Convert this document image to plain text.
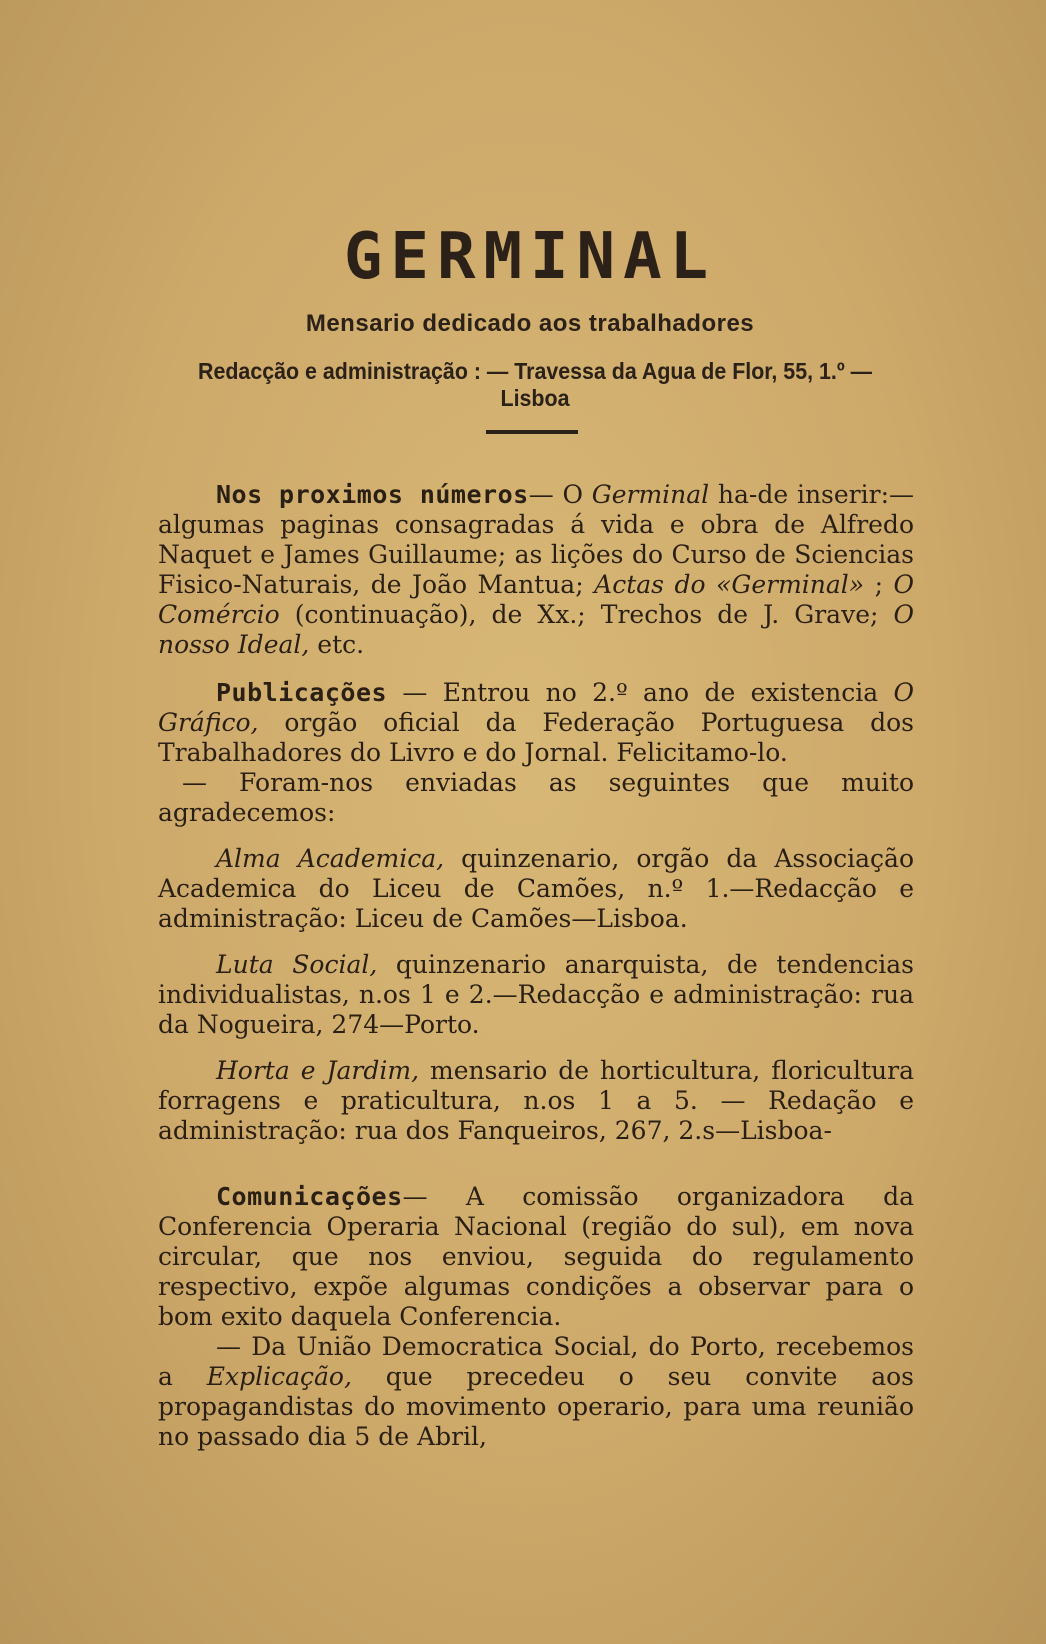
GERMINAL
Mensario dedicado aos trabalhadores
Redacção e administração : — Travessa da Agua de Flor, 55, 1.º — Lisboa

Nos proximos números— O Germinal ha-de inserir:—algumas paginas consagradas á vida e obra de Alfredo Naquet e James Guillaume; as lições do Curso de Sciencias Fisico-Naturais, de João Mantua; Actas do «Germinal» ; O Comércio (continuação), de Xx.; Trechos de J. Grave; O nosso Ideal, etc.

Publicações — Entrou no 2.º ano de existencia O Gráfico, orgão oficial da Federação Portuguesa dos Trabalhadores do Livro e do Jornal. Felicitamo-lo.

— Foram-nos enviadas as seguintes que muito agradecemos:

Alma Academica, quinzenario, orgão da Associação Academica do Liceu de Camões, n.º 1.—Redacção e administração: Liceu de Camões—Lisboa.

Luta Social, quinzenario anarquista, de tendencias individualistas, n.os 1 e 2.—Redacção e administração: rua da Nogueira, 274—Porto.

Horta e Jardim, mensario de horticultura, floricultura forragens e praticultura, n.os 1 a 5. — Redação e administração: rua dos Fanqueiros, 267, 2.s—Lisboa-

Comunicações— A comissão organizadora da Conferencia Operaria Nacional (região do sul), em nova circular, que nos enviou, seguida do regulamento respectivo, expõe algumas condições a observar para o bom exito daquela Conferencia.

— Da União Democratica Social, do Porto, recebemos a Explicação, que precedeu o seu convite aos propagandistas do movimento operario, para uma reunião no passado dia 5 de Abril,
